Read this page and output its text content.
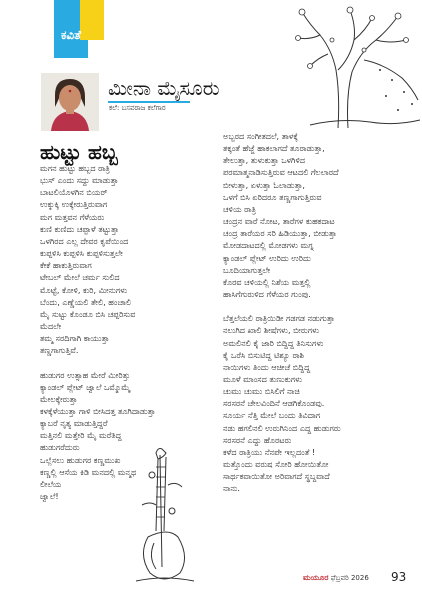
ಕವಿತೆ
ಮೀನಾ ಮೈಸೂರು
ಕಲೆ: ಬಸವರಾಜ ಕಲೆಗಾರ
ಹುಟ್ಟು ಹಬ್ಬ
ಮಗನ ಹುಟ್ಟು ಹಬ್ಬದ ರಾತ್ರಿ
ಭುಸ್ ಎಂದು ಸದ್ದು ಮಾಡುತ್ತಾ
ಬಾಟಲಿಯೊಳಗಿನ ಬಿಯರ್
ಉಕ್ಕುಕ್ಕಿ ಉಕ್ಕೇರುತ್ತಿರುವಾಗ
ಮಗ ಮತ್ತವನ ಗೆಳೆಯರು
ಕುಣಿ ಕುಣಿದು ಚಪ್ಪಾಳೆ ತಟ್ಟುತ್ತಾ
ಒಳಗಿರದ ಎಲ್ಲ ದೇವರ ಕೃಪೆಯಿಂದ
ಕುಪ್ಪಳಿಸಿ ಕುಪ್ಪಳಿಸಿ ಕುಪ್ಪಳಿಸುತ್ತಲೇ
ಕೇಕೆ ಹಾಕುತ್ತಿರುವಾಗ
ಟೇಬಲ್ ಮೇಲೆ ಚರ್ಮ ಸುಲಿದ
ಮೊಟ್ಟೆ, ಕೋಳಿ, ಕುರಿ, ಮೀನುಗಳು
ಬೆಂದು, ಎಣ್ಣೆಯಲಿ ತೇಲಿ, ಹಂಚಾಲಿ
ಮೈ ಸುಟ್ಟು ಕೊಂಡೂ ಬಿಸಿ ಚಪ್ಪರಿಸುವ
ಮೆದಲೇ
ತಮ್ಮ ಸರದಿಗಾಗಿ ಕಾಯುತ್ತಾ
ತಣ್ಣಗಾಗುತ್ತಿವೆ.
ಹುಡುಗರ ಉತ್ಸಾಹ ಮೇರೆ ಮೀರಿತ್ತು
ಕ್ಯಾಂಡಲ್ ಪ್ಲೇಟ್ ಜ್ವಾಲೆ ಒಮ್ಮೊಮ್ಮೆ
ಮೇಲಕ್ಕೇರುತ್ತಾ
ಕಳಕ್ಕೆಳೆಯುತ್ತಾ ಗಾಳಿ ಬೀಸಿದತ್ತ ತೂಗಿದಾಡುತ್ತಾ
ಕ್ಯಾಬರೆ ನೃತ್ಯ ಮಾಡುತ್ತಿದ್ದರೆ
ಮತ್ತಿನಲಿ ಮತ್ತೇರಿ ಮೈ ಮರೆತಿದ್ದ
ಹುಡುಗರೆದುರು
ಒಲ್ಲೆಸಲು ಹುಡುಗರ ಕಣ್ಣಮುಖ
ಕಣ್ಣಲ್ಲಿ ಆಸೆಯ ಕಿಡಿ ಮನದಲ್ಲಿ ಮನ್ಮಥ
ಲೀಲೆಯ
ಜ್ವಾಲೆ!
ಅಬ್ಬರದ ಸಂಗೀತದಲೆ, ತಾಳಕ್ಕೆ
ತಕ್ಕಂತೆ ಹೆಜ್ಜೆ ಹಾಕಲಾಗದೆ ತೂರಾಡುತ್ತಾ,
ತೇಲುತ್ತಾ, ತುಳುಕುತ್ತಾ ಒಳಗಿಳಿದ
ಪರಮಾತ್ಮನಾಡಿಸುತ್ತಿರುವ ಆಟದಲಿ ಗೆಲಲಾರದೆ
ಬೀಳುತ್ತಾ, ಏಳುತ್ತಾ ಓಲಾಡುತ್ತಾ,
ಒಳಗೆ ಬಿಸಿ ಏರಿದರೂ ತಣ್ಣಗಾಗುತ್ತಿರುವ
ಚಳಿಯ ರಾತ್ರಿ
ಚಂದ್ರನ ವಾರೆ ನೋಟ, ತಾರೆಗಳ ಕುಹಕದಾಟ
ಚಂದ್ರ ತಾರೆಯರ ಸರಿ ಹಿಡಿಯುತ್ತಾ, ಬೀಡುತ್ತಾ
ಮೋಡದಾಟದಲ್ಲಿ ಮೋಡಗಳು ಮಗ್ನ
ಕ್ಯಾಂಡಲ್ ಪ್ಲೇಟ್ ಉರಿದು ಉರಿದು
ಬೂದಿಯಾಗುತ್ತಲೇ
ಕೊರವ ಚಳಿಯಲ್ಲಿ ನಿಶೆಯ ಮತ್ತಲ್ಲಿ
ಹಾಸಿಗೆಗುರುಳಿದ ಗೆಳೆಯರ ಗುಂಪು.
ಬೆತ್ತಲೆಯಲಿ ರಾತ್ರಿಯಿಡೀ ಗಡಗಡ ನಡುಗುತ್ತಾ
ನಲುಗಿದ ಖಾಲಿ ಶೀಷೆಗಳು, ಬೀರುಗಳು
ಅಮಲಿನಲಿ ಕೈ ಜಾರಿ ಬಿದ್ದಿದ್ದ ತಿನಿಸುಗಳು
ಕೈ ಒರೆಸಿ ಬಿಸುಟಿದ್ದ ಟಿಶ್ಯೂ ರಾಶಿ
ನಾಯಿಗಳು ತಿಂದು ಆಚೀಚೆ ಬಿದ್ದಿದ್ದ
ಮೂಳೆ ಮಾಂಸದ ತುಣುಕುಗಳು
ಚುಮು ಚುಮು ಬಿಸಿಲಿಗೆ ನಾಚಿ
ಸರಸರನೆ ಚೇಲವಿಂದಿನೆ ಆಡಗಿಕೊಂಡವು.
ಸೂರ್ಯ ನೆತ್ತಿ ಮೇಲೆ ಬಂದು ತಿವಿದಾಗ
ನಡು ಹಗಲಿನಲಿ ಉರುಗಿನಿಂದ ಎದ್ದ ಹುಡುಗರು
ಸರಸರನೆ ಎದ್ದು ಹೊರಟರು
ಕಳೆದ ರಾತ್ರಿಯು ನೆನಪೇ ಇಲ್ಲದಂತೆ !
ಮತ್ತೊಂದು ವರುಷ ಸೋರಿ ಹೋಯಿತೋ
ಸಾರ್ಥಕವಾಯಿತೋ ಅರಿವಾಗದೆ ಸ್ಥಬ್ದವಾದೆ
ನಾನು.
ಮಯೂರ ಫೆಬ್ರವರಿ 2026 93
